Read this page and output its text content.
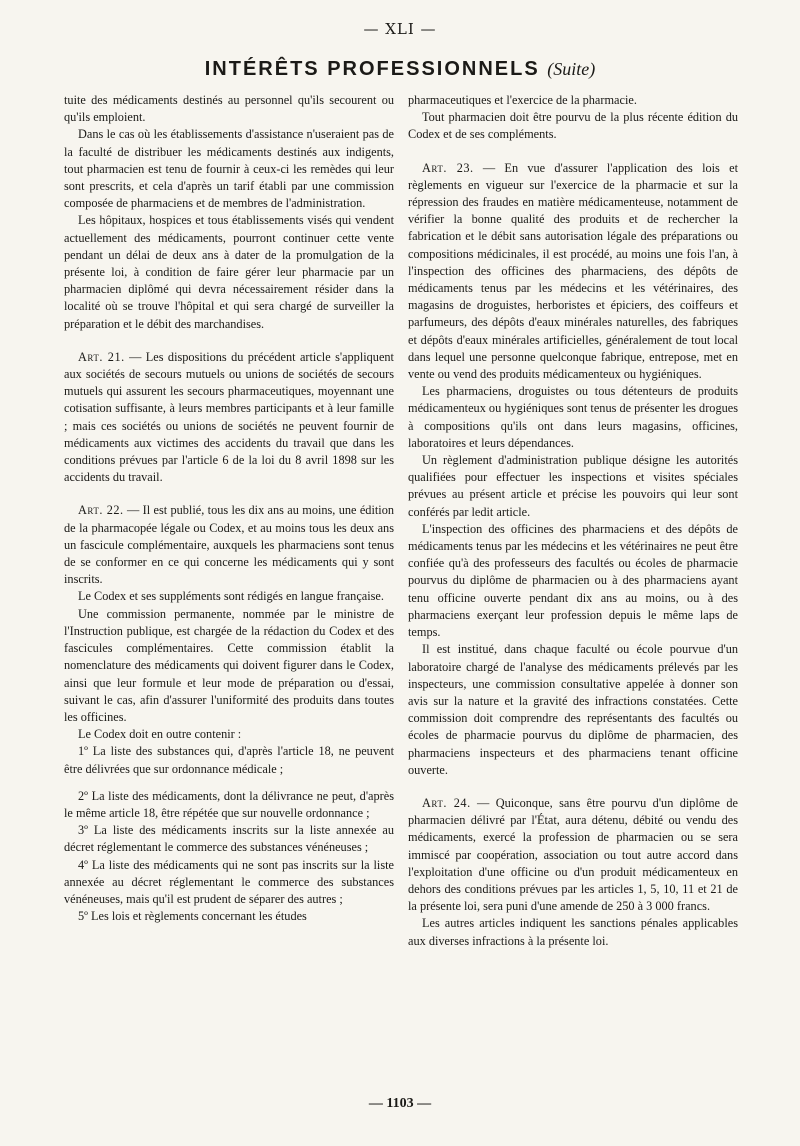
— XLI —
INTÉRÊTS PROFESSIONNELS (Suite)

tuite des médicaments destinés au personnel qu'ils secourent ou qu'ils emploient.

Dans le cas où les établissements d'assistance n'useraient pas de la faculté de distribuer les médicaments destinés aux indigents, tout pharmacien est tenu de fournir à ceux-ci les remèdes qui leur sont prescrits, et cela d'après un tarif établi par une commission composée de pharmaciens et de membres de l'administration.

Les hôpitaux, hospices et tous établissements visés qui vendent actuellement des médicaments, pourront continuer cette vente pendant un délai de deux ans à dater de la promulgation de la présente loi, à condition de faire gérer leur pharmacie par un pharmacien diplômé qui devra nécessairement résider dans la localité où se trouve l'hôpital et qui sera chargé de surveiller la préparation et le débit des marchandises.

Art. 21. — Les dispositions du précédent article s'appliquent aux sociétés de secours mutuels ou unions de sociétés de secours mutuels qui assurent les secours pharmaceutiques, moyennant une cotisation suffisante, à leurs membres participants et à leur famille ; mais ces sociétés ou unions de sociétés ne peuvent fournir de médicaments aux victimes des accidents du travail que dans les conditions prévues par l'article 6 de la loi du 8 avril 1898 sur les accidents du travail.

Art. 22. — Il est publié, tous les dix ans au moins, une édition de la pharmacopée légale ou Codex, et au moins tous les deux ans un fascicule complémentaire, auxquels les pharmaciens sont tenus de se conformer en ce qui concerne les médicaments qui y sont inscrits.

Le Codex et ses suppléments sont rédigés en langue française.

Une commission permanente, nommée par le ministre de l'Instruction publique, est chargée de la rédaction du Codex et des fascicules complémentaires. Cette commission établit la nomenclature des médicaments qui doivent figurer dans le Codex, ainsi que leur formule et leur mode de préparation ou d'essai, suivant le cas, afin d'assurer l'uniformité des produits dans toutes les officines.

Le Codex doit en outre contenir :

1º La liste des substances qui, d'après l'article 18, ne peuvent être délivrées que sur ordonnance médicale ;

2º La liste des médicaments, dont la délivrance ne peut, d'après le même article 18, être répétée que sur nouvelle ordonnance ;

3º La liste des médicaments inscrits sur la liste annexée au décret réglementant le commerce des substances vénéneuses ;

4º La liste des médicaments qui ne sont pas inscrits sur la liste annexée au décret réglementant le commerce des substances vénéneuses, mais qu'il est prudent de séparer des autres ;

5º Les lois et règlements concernant les études

pharmaceutiques et l'exercice de la pharmacie.

Tout pharmacien doit être pourvu de la plus récente édition du Codex et de ses compléments.

Art. 23. — En vue d'assurer l'application des lois et règlements en vigueur sur l'exercice de la pharmacie et sur la répression des fraudes en matière médicamenteuse, notamment de vérifier la bonne qualité des produits et de rechercher la fabrication et le débit sans autorisation légale des préparations ou compositions médicinales, il est procédé, au moins une fois l'an, à l'inspection des officines des pharmaciens, des dépôts de médicaments tenus par les médecins et les vétérinaires, des magasins de droguistes, herboristes et épiciers, des coiffeurs et parfumeurs, des dépôts d'eaux minérales naturelles, des fabriques et dépôts d'eaux minérales artificielles, généralement de tout local dans lequel une personne quelconque fabrique, entrepose, met en vente ou vend des produits médicamenteux ou hygiéniques.

Les pharmaciens, droguistes ou tous détenteurs de produits médicamenteux ou hygiéniques sont tenus de présenter les drogues à compositions qu'ils ont dans leurs magasins, officines, laboratoires et leurs dépendances.

Un règlement d'administration publique désigne les autorités qualifiées pour effectuer les inspections et visites spéciales prévues au présent article et précise les pouvoirs qui leur sont conférés par ledit article.

L'inspection des officines des pharmaciens et des dépôts de médicaments tenus par les médecins et les vétérinaires ne peut être confiée qu'à des professeurs des facultés ou écoles de pharmacie pourvus du diplôme de pharmacien ou à des pharmaciens ayant tenu officine ouverte pendant dix ans au moins, ou à des pharmaciens exerçant leur profession depuis le même laps de temps.

Il est institué, dans chaque faculté ou école pourvue d'un laboratoire chargé de l'analyse des médicaments prélevés par les inspecteurs, une commission consultative appelée à donner son avis sur la nature et la gravité des infractions constatées. Cette commission doit comprendre des représentants des facultés ou écoles de pharmacie pourvus du diplôme de pharmacien, des pharmaciens inspecteurs et des pharmaciens tenant officine ouverte.

Art. 24. — Quiconque, sans être pourvu d'un diplôme de pharmacien délivré par l'État, aura détenu, débité ou vendu des médicaments, exercé la profession de pharmacien ou se sera immiscé par coopération, association ou tout autre accord dans l'exploitation d'une officine ou d'un produit médicamenteux en dehors des conditions prévues par les articles 1, 5, 10, 11 et 21 de la présente loi, sera puni d'une amende de 250 à 3 000 francs.

Les autres articles indiquent les sanctions pénales applicables aux diverses infractions à la présente loi.

— 1103 —
